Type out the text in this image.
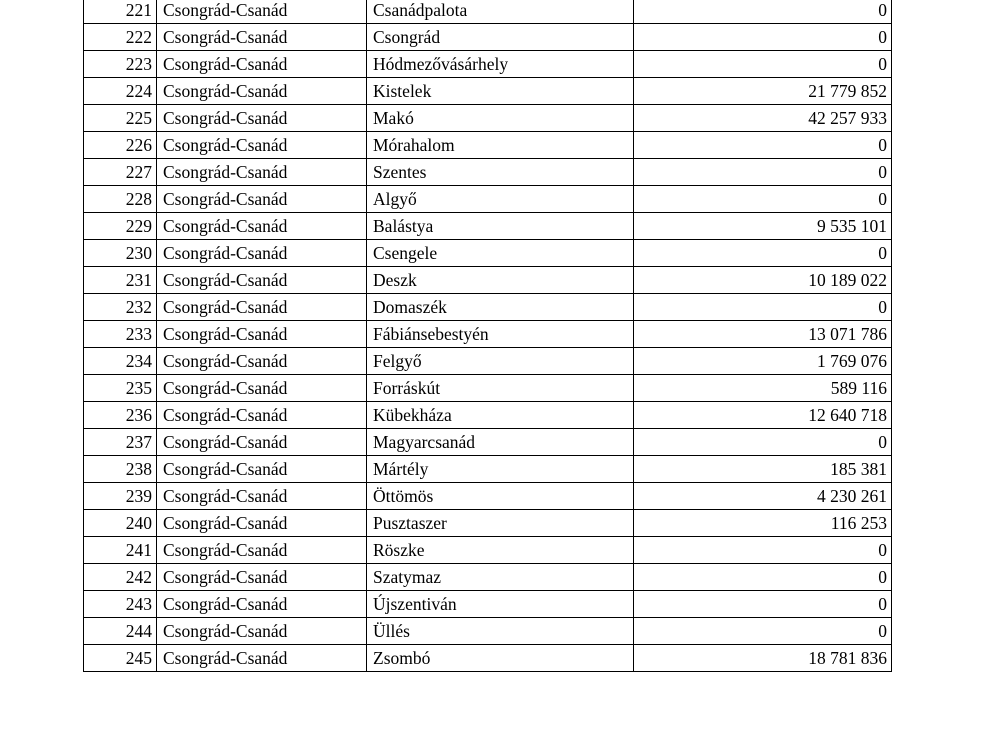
221	Csongrád-Csanád	Csanádpalota	0
222	Csongrád-Csanád	Csongrád	0
223	Csongrád-Csanád	Hódmezővásárhely	0
224	Csongrád-Csanád	Kistelek	21 779 852
225	Csongrád-Csanád	Makó	42 257 933
226	Csongrád-Csanád	Mórahalom	0
227	Csongrád-Csanád	Szentes	0
228	Csongrád-Csanád	Algyő	0
229	Csongrád-Csanád	Balástya	9 535 101
230	Csongrád-Csanád	Csengele	0
231	Csongrád-Csanád	Deszk	10 189 022
232	Csongrád-Csanád	Domaszék	0
233	Csongrád-Csanád	Fábiánsebestyén	13 071 786
234	Csongrád-Csanád	Felgyő	1 769 076
235	Csongrád-Csanád	Forráskút	589 116
236	Csongrád-Csanád	Kübekháza	12 640 718
237	Csongrád-Csanád	Magyarcsanád	0
238	Csongrád-Csanád	Mártély	185 381
239	Csongrád-Csanád	Öttömös	4 230 261
240	Csongrád-Csanád	Pusztaszer	116 253
241	Csongrád-Csanád	Röszke	0
242	Csongrád-Csanád	Szatymaz	0
243	Csongrád-Csanád	Újszentiván	0
244	Csongrád-Csanád	Üllés	0
245	Csongrád-Csanád	Zsombó	18 781 836
